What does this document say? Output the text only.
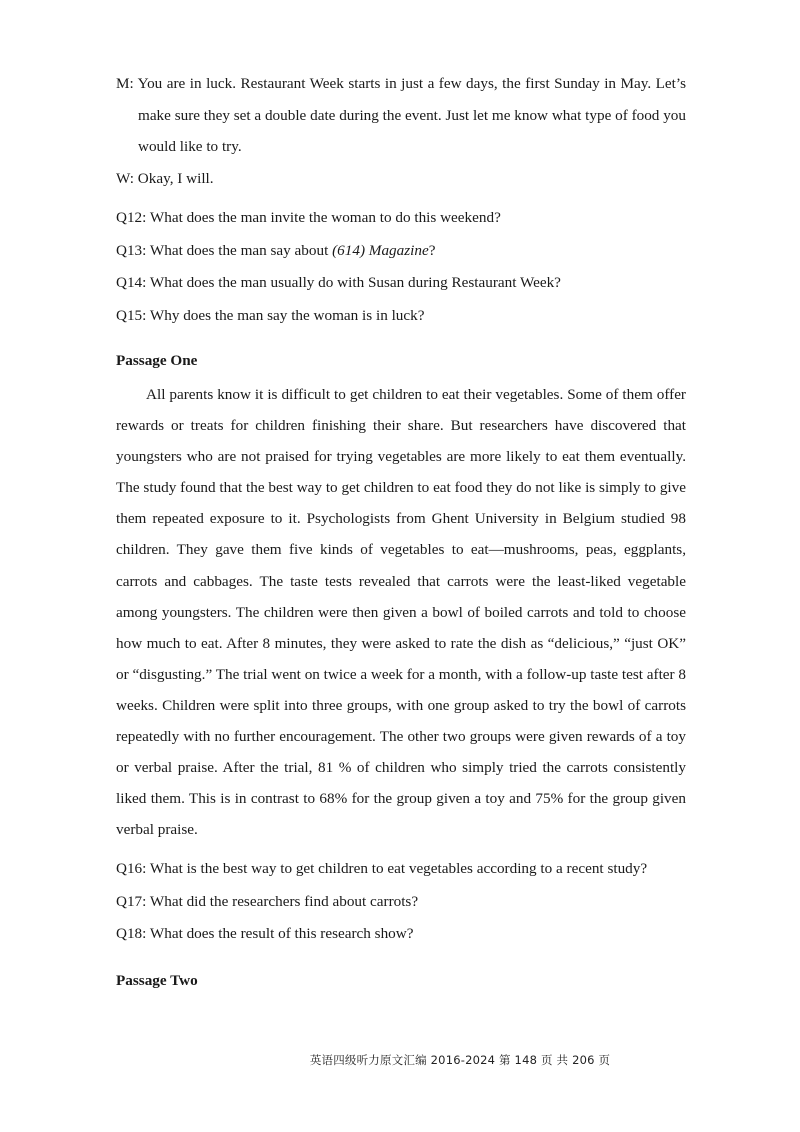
M: You are in luck. Restaurant Week starts in just a few days, the first Sunday in May. Let’s make sure they set a double date during the event. Just let me know what type of food you would like to try.

W: Okay, I will.

Q12: What does the man invite the woman to do this weekend?

Q13: What does the man say about (614) Magazine?

Q14: What does the man usually do with Susan during Restaurant Week?

Q15: Why does the man say the woman is in luck?

Passage One

All parents know it is difficult to get children to eat their vegetables. Some of them offer rewards or treats for children finishing their share. But researchers have discovered that youngsters who are not praised for trying vegetables are more likely to eat them eventually. The study found that the best way to get children to eat food they do not like is simply to give them repeated exposure to it. Psychologists from Ghent University in Belgium studied 98 children. They gave them five kinds of vegetables to eat—mushrooms, peas, eggplants, carrots and cabbages. The taste tests revealed that carrots were the least-liked vegetable among youngsters. The children were then given a bowl of boiled carrots and told to choose how much to eat. After 8 minutes, they were asked to rate the dish as “delicious,” “just OK” or “disgusting.” The trial went on twice a week for a month, with a follow-up taste test after 8 weeks. Children were split into three groups, with one group asked to try the bowl of carrots repeatedly with no further encouragement. The other two groups were given rewards of a toy or verbal praise. After the trial, 81 % of children who simply tried the carrots consistently liked them. This is in contrast to 68% for the group given a toy and 75% for the group given verbal praise.

Q16: What is the best way to get children to eat vegetables according to a recent study?

Q17: What did the researchers find about carrots?

Q18: What does the result of this research show?

Passage Two
英语四级听力原文汇编 2016-2024 第 148 页 共 206 页
